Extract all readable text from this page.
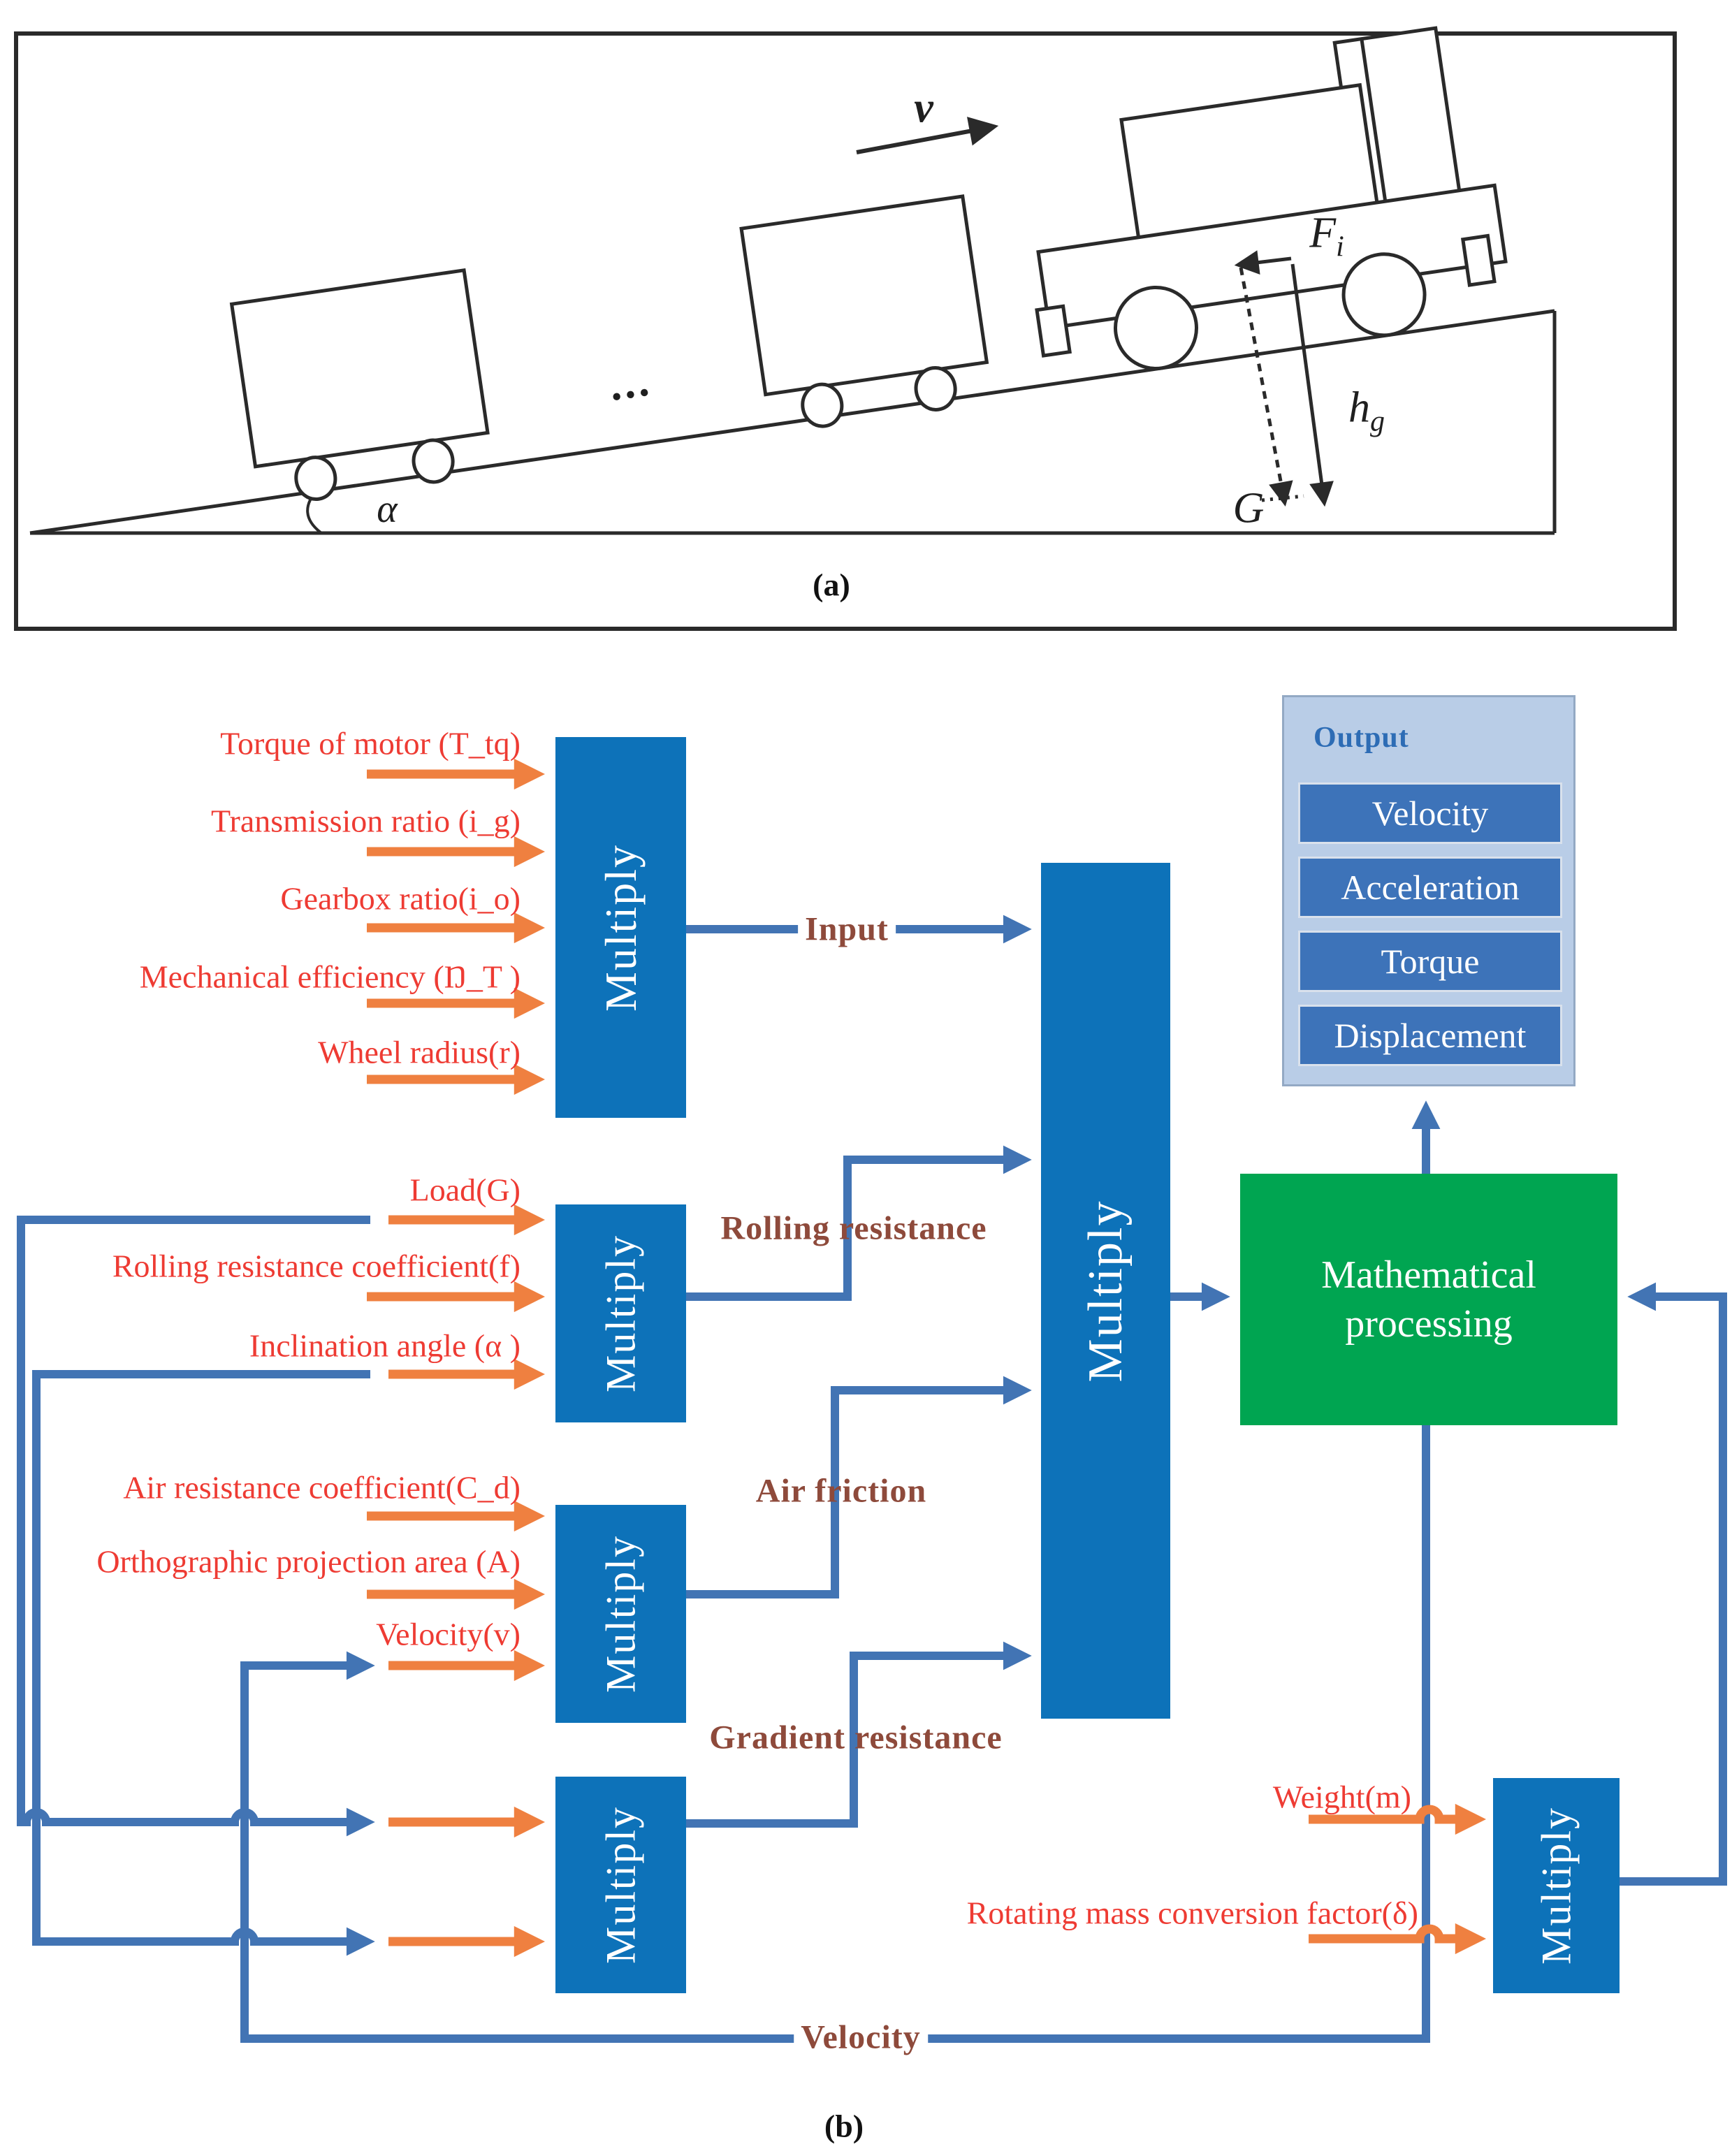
v
$F_i$
$h_g$
G
α
...
(a)
(b)
Multiply
Multiply
Multiply
Multiply
Multiply
Multiply
Mathematical processing
Output
Velocity
Acceleration
Torque
Displacement
Torque of motor (T_tq)
Transmission ratio (i_g)
Gearbox ratio(i_o)
Mechanical efficiency (Ŋ_T )
Wheel radius(r)
Load(G)
Rolling resistance coefficient(f)
Inclination angle (α )
Air resistance coefficient(C_d)
Orthographic projection area (A)
Velocity(v)
Weight(m)
Rotating mass conversion factor(δ)
Input
Rolling resistance
Air friction
Gradient resistance
Velocity
